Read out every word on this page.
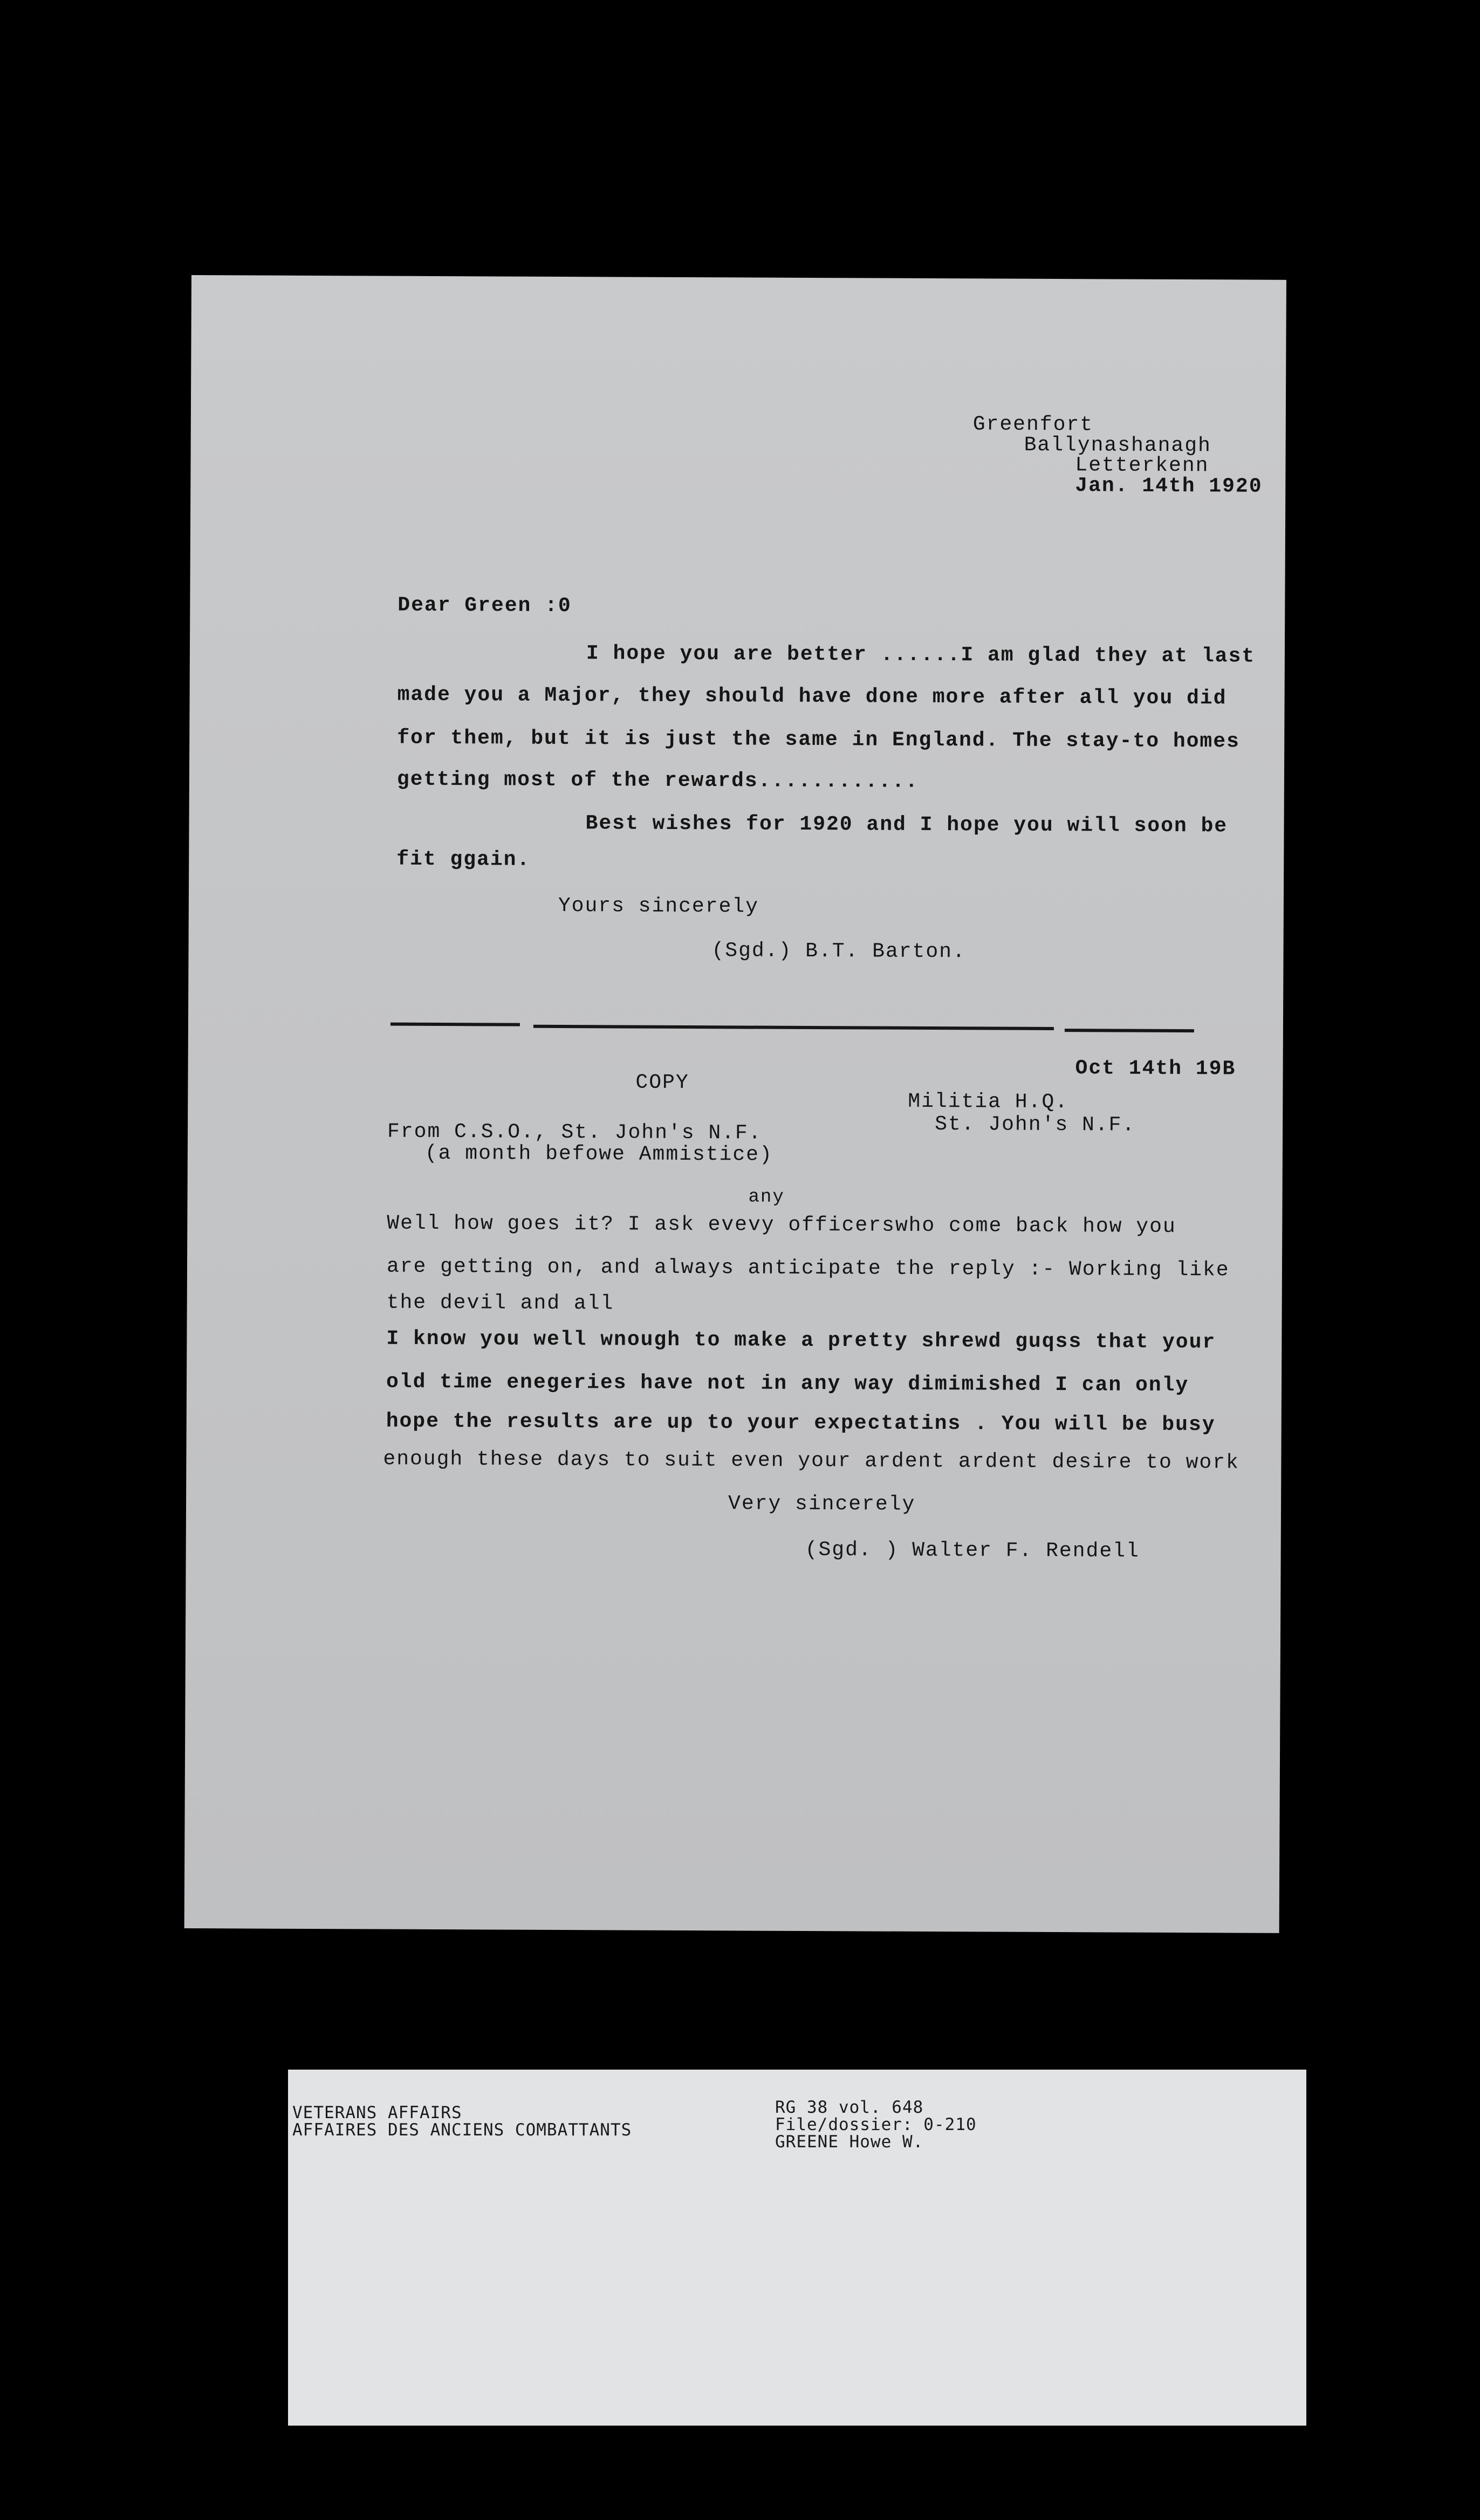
Greenfort
Ballynashanagh
Letterkenn
Jan. 14th 1920
Dear Green :0
I hope you are better ......I am glad they at last
made you a Major, they should have done more after all you did
for them, but it is just the same in England. The stay-to homes
getting most of the rewards............
Best wishes for 1920 and I hope you will soon be
fit ggain.
Yours sincerely
(Sgd.) B.T. Barton.
Oct 14th 19B
COPY
Militia H.Q.
St. John's N.F.
From C.S.O., St. John's N.F.
(a month befowe Ammistice)
any
Well how goes it? I ask evevy officerswho come back how you
are getting on, and always anticipate the reply :- Working like
the devil and all
I know you well wnough to make a pretty shrewd guqss that your
old time enegeries have not in any way dimimished I can only
hope the results are up to your expectatins . You will be busy
enough these days to suit even your ardent ardent desire to work
Very sincerely
(Sgd. ) Walter F. Rendell
VETERANS AFFAIRS
AFFAIRES DES ANCIENS COMBATTANTS
RG 38 vol. 648
File/dossier: 0-210
GREENE Howe W.
